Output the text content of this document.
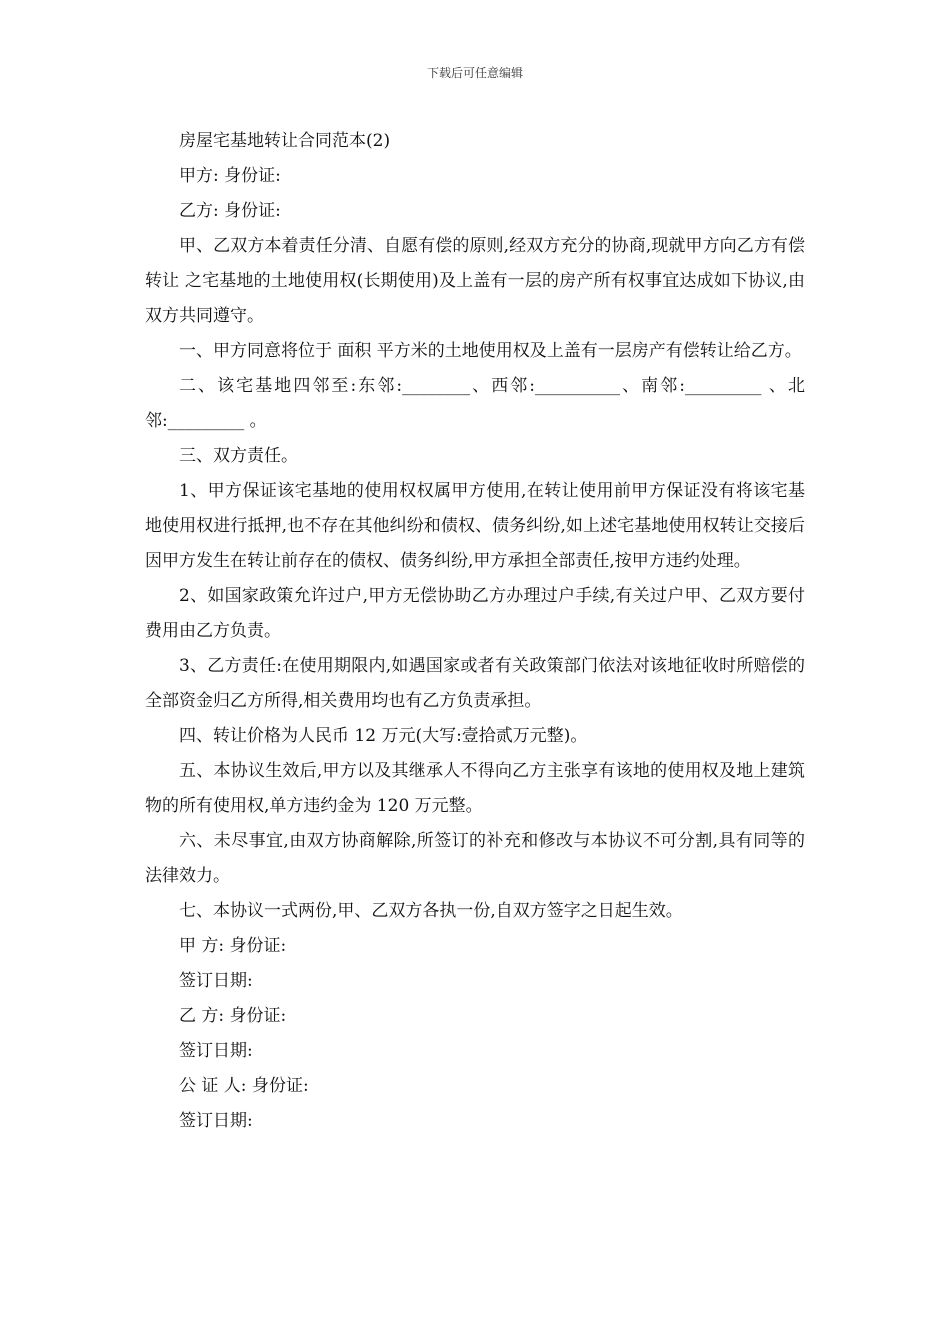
下载后可任意编辑

房屋宅基地转让合同范本(2)

甲方: 身份证:

乙方: 身份证:

甲、乙双方本着责任分清、自愿有偿的原则,经双方充分的协商,现就甲方向乙方有偿转让 之宅基地的土地使用权(长期使用)及上盖有一层的房产所有权事宜达成如下协议,由双方共同遵守。

一、甲方同意将位于 面积 平方米的土地使用权及上盖有一层房产有偿转让给乙方。

二、该宅基地四邻至:东邻:________、西邻:__________、南邻:_________ 、北邻:_________ 。

三、双方责任。

1、甲方保证该宅基地的使用权权属甲方使用,在转让使用前甲方保证没有将该宅基地使用权进行抵押,也不存在其他纠纷和债权、债务纠纷,如上述宅基地使用权转让交接后因甲方发生在转让前存在的债权、债务纠纷,甲方承担全部责任,按甲方违约处理。

2、如国家政策允许过户,甲方无偿协助乙方办理过户手续,有关过户甲、乙双方要付费用由乙方负责。

3、乙方责任:在使用期限内,如遇国家或者有关政策部门依法对该地征收时所赔偿的全部资金归乙方所得,相关费用均也有乙方负责承担。

四、转让价格为人民币 12 万元(大写:壹拾贰万元整)。

五、本协议生效后,甲方以及其继承人不得向乙方主张享有该地的使用权及地上建筑物的所有使用权,单方违约金为 120 万元整。

六、未尽事宜,由双方协商解除,所签订的补充和修改与本协议不可分割,具有同等的法律效力。

七、本协议一式两份,甲、乙双方各执一份,自双方签字之日起生效。

甲 方: 身份证:

签订日期:

乙 方: 身份证:

签订日期:

公 证 人: 身份证:

签订日期:
